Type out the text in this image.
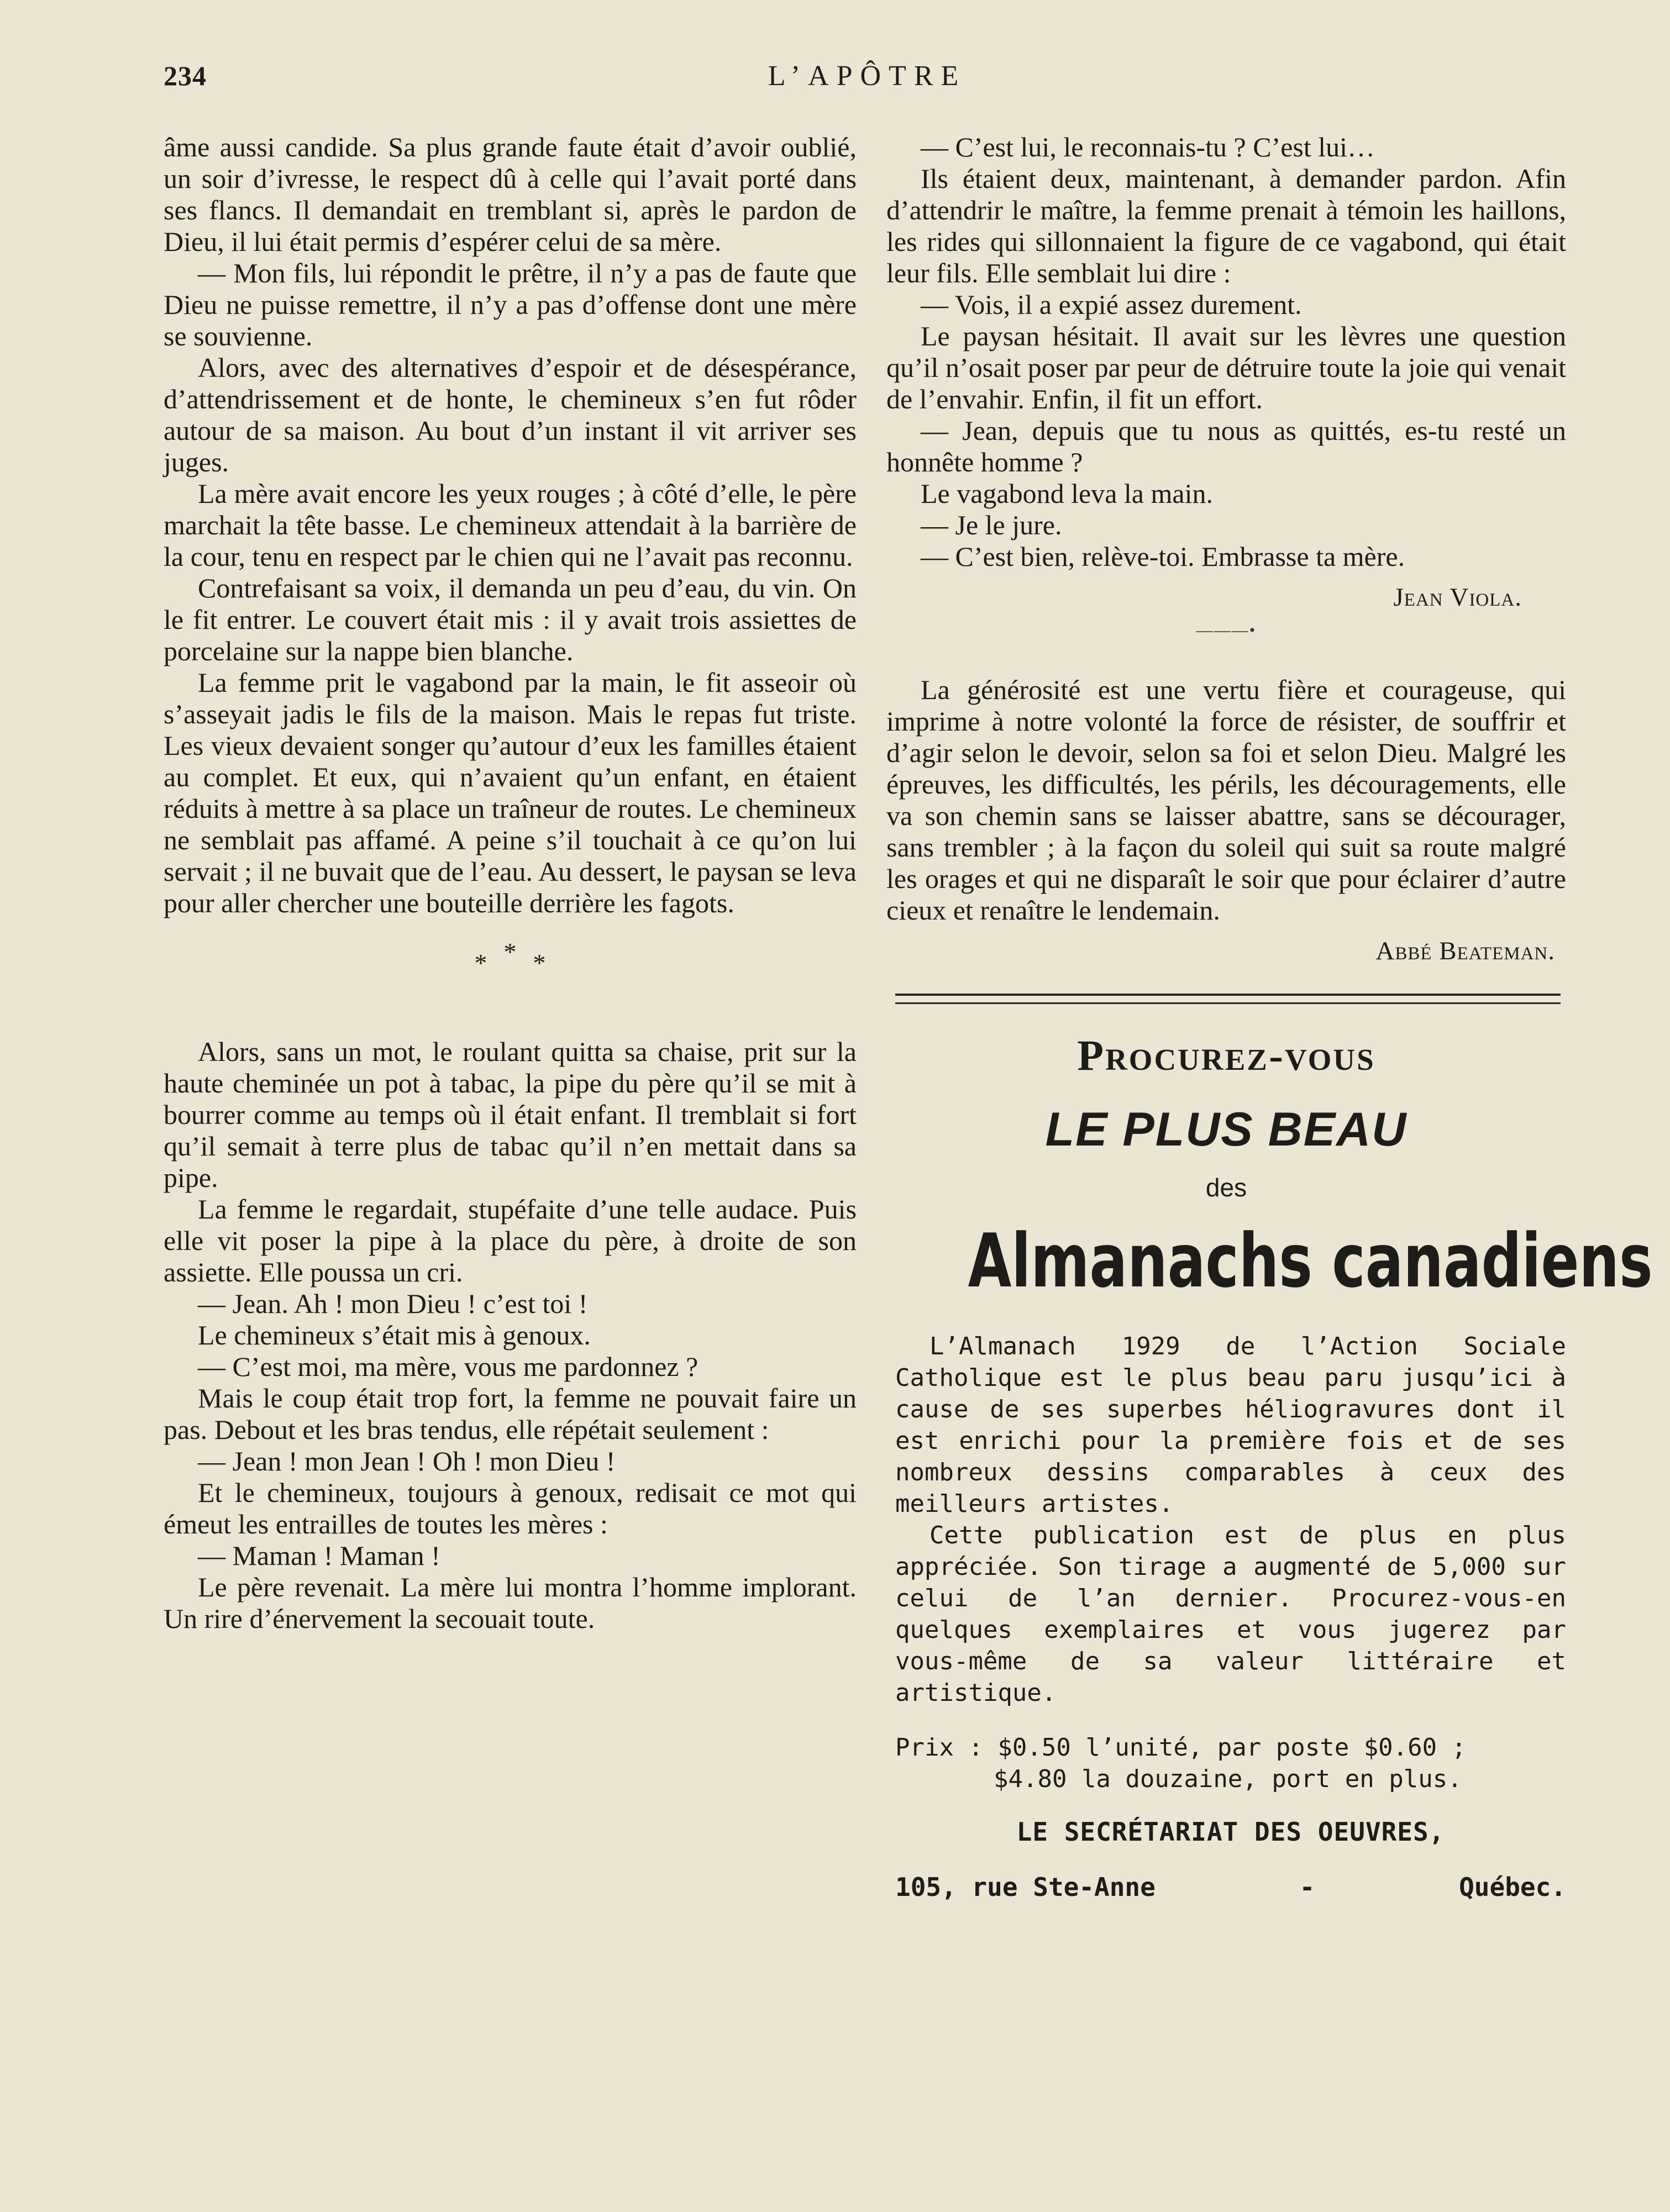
234	L’APÔTRE

âme aussi candide. Sa plus grande faute était d’avoir oublié, un soir d’ivresse, le respect dû à celle qui l’avait porté dans ses flancs. Il demandait en tremblant si, après le pardon de Dieu, il lui était permis d’espérer celui de sa mère.

— Mon fils, lui répondit le prêtre, il n’y a pas de faute que Dieu ne puisse remettre, il n’y a pas d’offense dont une mère se souvienne.

Alors, avec des alternatives d’espoir et de désespérance, d’attendrissement et de honte, le chemineux s’en fut rôder autour de sa maison. Au bout d’un instant il vit arriver ses juges.

La mère avait encore les yeux rouges ; à côté d’elle, le père marchait la tête basse. Le chemineux attendait à la barrière de la cour, tenu en respect par le chien qui ne l’avait pas reconnu.

Contrefaisant sa voix, il demanda un peu d’eau, du vin. On le fit entrer. Le couvert était mis : il y avait trois assiettes de porcelaine sur la nappe bien blanche.

La femme prit le vagabond par la main, le fit asseoir où s’asseyait jadis le fils de la maison. Mais le repas fut triste. Les vieux devaient songer qu’autour d’eux les familles étaient au complet. Et eux, qui n’avaient qu’un enfant, en étaient réduits à mettre à sa place un traîneur de routes. Le chemineux ne semblait pas affamé. A peine s’il touchait à ce qu’on lui servait ; il ne buvait que de l’eau. Au dessert, le paysan se leva pour aller chercher une bouteille derrière les fagots.

* * *

Alors, sans un mot, le roulant quitta sa chaise, prit sur la haute cheminée un pot à tabac, la pipe du père qu’il se mit à bourrer comme au temps où il était enfant. Il tremblait si fort qu’il semait à terre plus de tabac qu’il n’en mettait dans sa pipe.

La femme le regardait, stupéfaite d’une telle audace. Puis elle vit poser la pipe à la place du père, à droite de son assiette. Elle poussa un cri.

— Jean. Ah ! mon Dieu ! c’est toi !

Le chemineux s’était mis à genoux.

— C’est moi, ma mère, vous me pardonnez ?

Mais le coup était trop fort, la femme ne pouvait faire un pas. Debout et les bras tendus, elle répétait seulement :

— Jean ! mon Jean ! Oh ! mon Dieu !

Et le chemineux, toujours à genoux, redisait ce mot qui émeut les entrailles de toutes les mères :

— Maman ! Maman !

Le père revenait. La mère lui montra l’homme implorant. Un rire d’énervement la secouait toute.

— C’est lui, le reconnais-tu ? C’est lui…

Ils étaient deux, maintenant, à demander pardon. Afin d’attendrir le maître, la femme prenait à témoin les haillons, les rides qui sillonnaient la figure de ce vagabond, qui était leur fils. Elle semblait lui dire :

— Vois, il a expié assez durement.

Le paysan hésitait. Il avait sur les lèvres une question qu’il n’osait poser par peur de détruire toute la joie qui venait de l’envahir. Enfin, il fit un effort.

— Jean, depuis que tu nous as quittés, es-tu resté un honnête homme ?

Le vagabond leva la main.

— Je le jure.

— C’est bien, relève-toi. Embrasse ta mère.

Jean Viola.
———•

La générosité est une vertu fière et courageuse, qui imprime à notre volonté la force de résister, de souffrir et d’agir selon le devoir, selon sa foi et selon Dieu. Malgré les épreuves, les difficultés, les périls, les découragements, elle va son chemin sans se laisser abattre, sans se décourager, sans trembler ; à la façon du soleil qui suit sa route malgré les orages et qui ne disparaît le soir que pour éclairer d’autre cieux et renaître le lendemain.

Abbé Beateman.
Procurez-vous
LE PLUS BEAU
des
Almanachs canadiens

L’Almanach 1929 de l’Action Sociale Catholique est le plus beau paru jusqu’ici à cause de ses superbes héliogravures dont il est enrichi pour la première fois et de ses nombreux dessins comparables à ceux des meilleurs artistes.

Cette publication est de plus en plus appréciée. Son tirage a augmenté de 5,000 sur celui de l’an dernier. Procurez-vous-en quelques exemplaires et vous jugerez par vous-même de sa valeur littéraire et artistique.

Prix : $0.50 l’unité, par poste $0.60 ;
$4.80 la douzaine, port en plus.

LE SECRÉTARIAT DES OEUVRES,
105, rue Ste-Anne	-	Québec.
